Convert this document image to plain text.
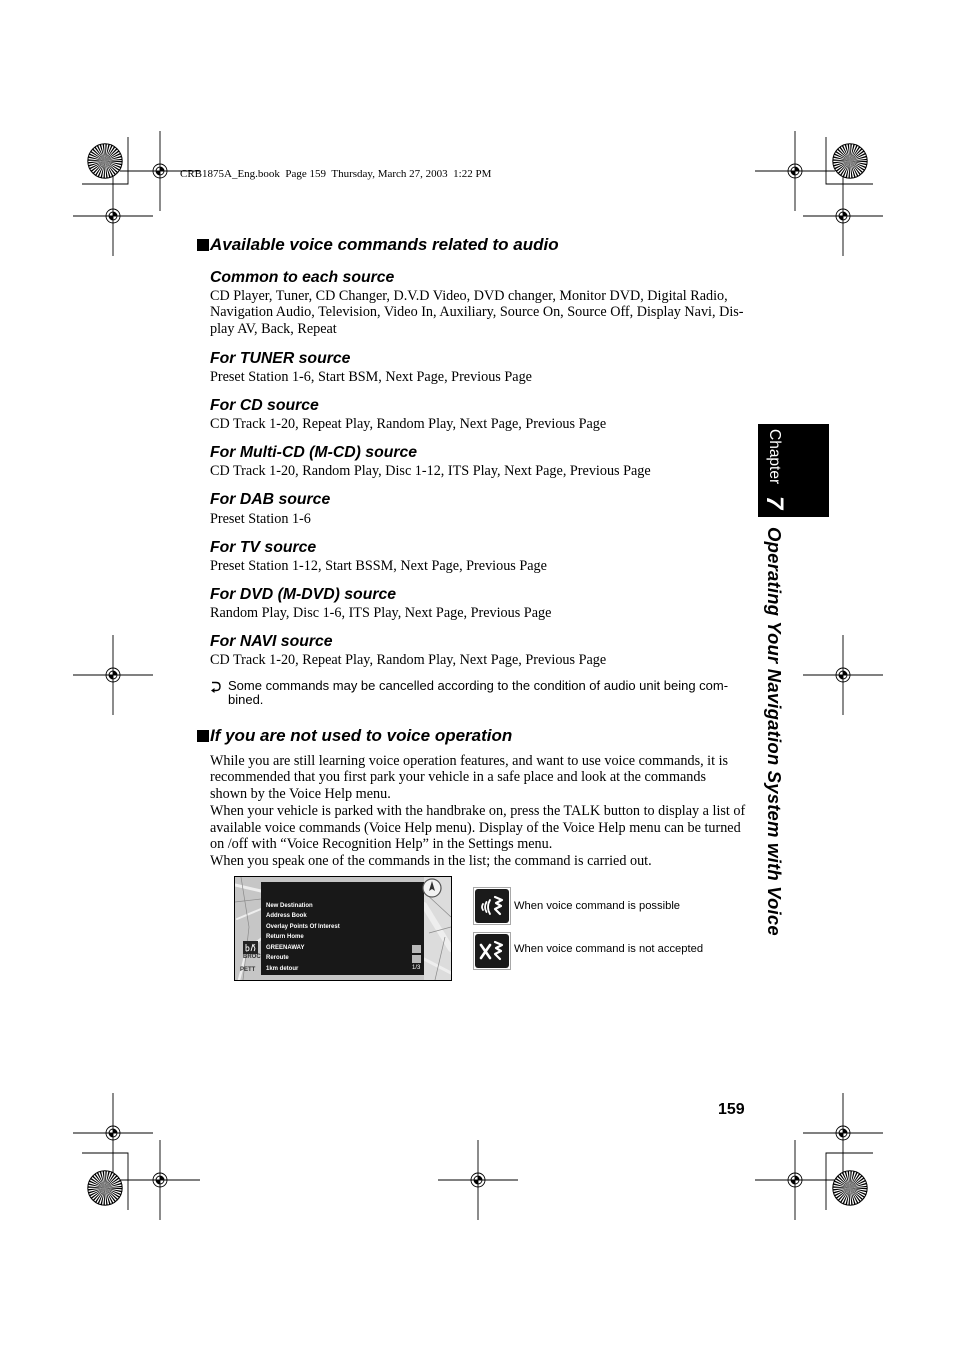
CRB1875A_Eng.book  Page 159  Thursday, March 27, 2003  1:22 PM
Available voice commands related to audio
Common to each source
CD Player, Tuner, CD Changer, D.V.D Video, DVD changer, Monitor DVD, Digital Radio,
Navigation Audio, Television, Video In, Auxiliary, Source On, Source Off, Display Navi, Dis-
play AV, Back, Repeat
For TUNER source
Preset Station 1-6, Start BSM, Next Page, Previous Page
For CD source
CD Track 1-20, Repeat Play, Random Play, Next Page, Previous Page
For Multi-CD (M-CD) source
CD Track 1-20, Random Play, Disc 1-12, ITS Play, Next Page, Previous Page
For DAB source
Preset Station 1-6
For TV source
Preset Station 1-12, Start BSSM, Next Page, Previous Page
For DVD (M-DVD) source
Random Play, Disc 1-6, ITS Play, Next Page, Previous Page
For NAVI source
CD Track 1-20, Repeat Play, Random Play, Next Page, Previous Page
Some commands may be cancelled according to the condition of audio unit being com-
bined.
If you are not used to voice operation
While you are still learning voice operation features, and want to use voice commands, it is
recommended that you first park your vehicle in a safe place and look at the commands
shown by the Voice Help menu.
When your vehicle is parked with the handbrake on, press the TALK button to display a list of
available voice commands (Voice Help menu). Display of the Voice Help menu can be turned
on /off with “Voice Recognition Help” in the Settings menu.
When you speak one of the commands in the list; the command is carried out.
BROC
PETT
New Destination
Address Book
Overlay Points Of Interest
Return Home
GREENAWAY
Reroute
1km detour	1/3
When voice command is possible
When voice command is not accepted
Chapter
7
Operating Your Navigation System with Voice
159
